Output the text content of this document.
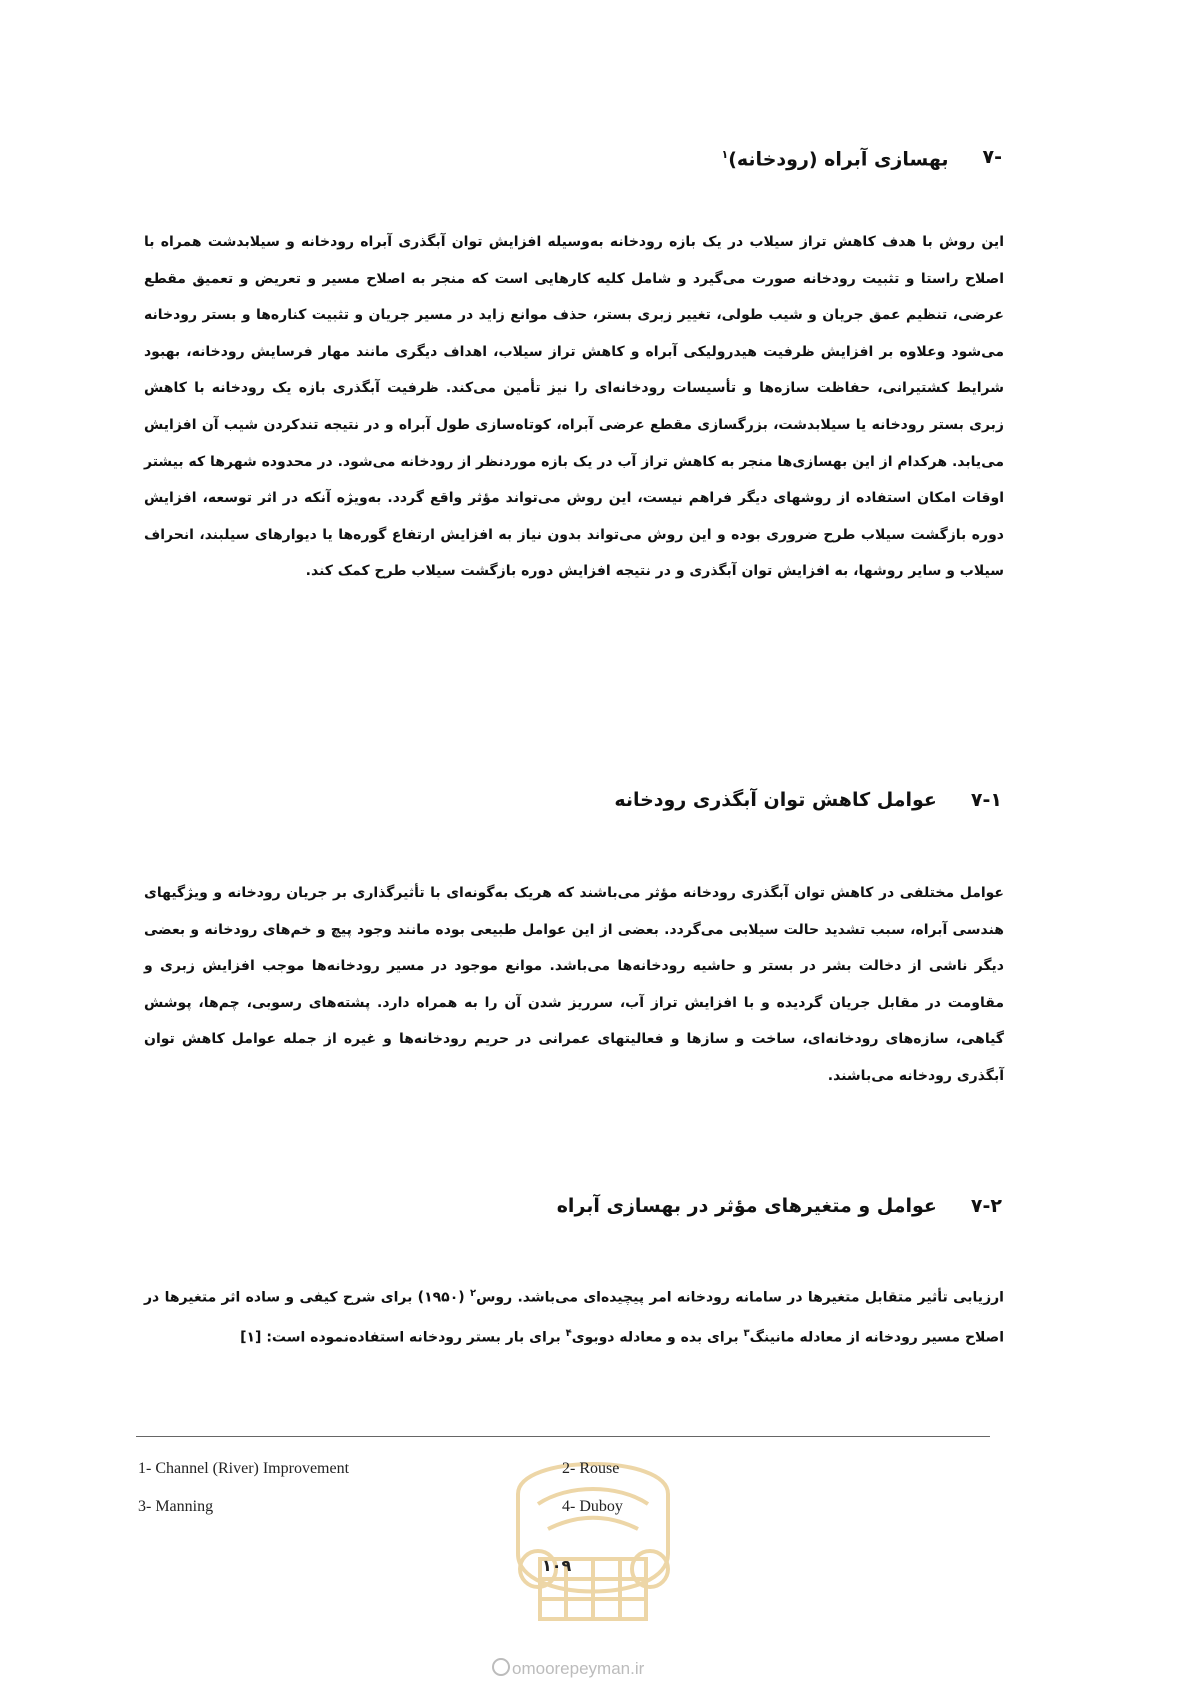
-۷
بهسازی آبراه (رودخانه)$^۱$

این روش با هدف کاهش تراز سیلاب در یک بازه رودخانه به‌وسیله افزایش توان آبگذری آبراه رودخانه و سیلابدشت همراه با اصلاح راستا و تثبیت رودخانه صورت می‌گیرد و شامل کلیه کارهایی است که منجر به اصلاح مسیر و تعریض و تعمیق مقطع عرضی، تنظیم عمق جریان و شیب طولی، تغییر زبری بستر، حذف موانع زاید در مسیر جریان و تثبیت کناره‌ها و بستر رودخانه می‌شود وعلاوه بر افزایش ظرفیت هیدرولیکی آبراه و کاهش تراز سیلاب، اهداف دیگری مانند مهار فرسایش رودخانه، بهبود شرایط کشتیرانی، حفاظت سازه‌ها و تأسیسات رودخانه‌ای را نیز تأمین می‌کند. ظرفیت آبگذری بازه یک رودخانه با کاهش زبری بستر رودخانه یا سیلابدشت، بزرگسازی مقطع عرضی آبراه، کوتاه‌سازی طول آبراه و در نتیجه تندکردن شیب آن افزایش می‌یابد. هرکدام از این بهسازی‌ها منجر به کاهش تراز آب در یک بازه موردنظر از رودخانه می‌شود. در محدوده شهرها که بیشتر اوقات امکان استفاده از روشهای دیگر فراهم نیست، این روش می‌تواند مؤثر واقع گردد. به‌ویژه آنکه در اثر توسعه، افزایش دوره بازگشت سیلاب طرح ضروری بوده و این روش می‌تواند بدون نیاز به افزایش ارتفاع گوره‌ها یا دیوارهای سیلبند، انحراف سیلاب و سایر روشها، به افزایش توان آبگذری و در نتیجه افزایش دوره بازگشت سیلاب طرح کمک کند.

۷-۱
عوامل کاهش توان آبگذری رودخانه

عوامل مختلفی در کاهش توان آبگذری رودخانه مؤثر می‌باشند که هریک به‌گونه‌ای با تأثیرگذاری بر جریان رودخانه و ویژگیهای هندسی آبراه، سبب تشدید حالت سیلابی می‌گردد. بعضی از این عوامل طبیعی بوده مانند وجود پیچ و خم‌های رودخانه و بعضی دیگر ناشی از دخالت بشر در بستر و حاشیه رودخانه‌ها می‌باشد. موانع موجود در مسیر رودخانه‌ها موجب افزایش زبری و مقاومت در مقابل جریان گردیده و با افزایش تراز آب، سرریز شدن آن را به همراه دارد. پشته‌های رسوبی، چم‌ها، پوشش گیاهی، سازه‌های رودخانه‌ای، ساخت و سازها و فعالیتهای عمرانی در حریم رودخانه‌ها و غیره از جمله عوامل کاهش توان آبگذری رودخانه می‌باشند.

۷-۲
عوامل و متغیرهای مؤثر در بهسازی آبراه

ارزیابی تأثیر متقابل متغیرها در سامانه رودخانه امر پیچیده‌ای می‌باشد. روس$^۲$ (۱۹۵۰) برای شرح کیفی و ساده اثر متغیرها در اصلاح مسیر رودخانه از معادله مانینگ$^۳$ برای بده و معادله دوبوی$^۴$ برای بار بستر رودخانه استفاده‌نموده است: [۱]

1- Channel (River) Improvement	2- Rouse
3- Manning	4- Duboy
۱۰۹
omoorepeyman.ir
